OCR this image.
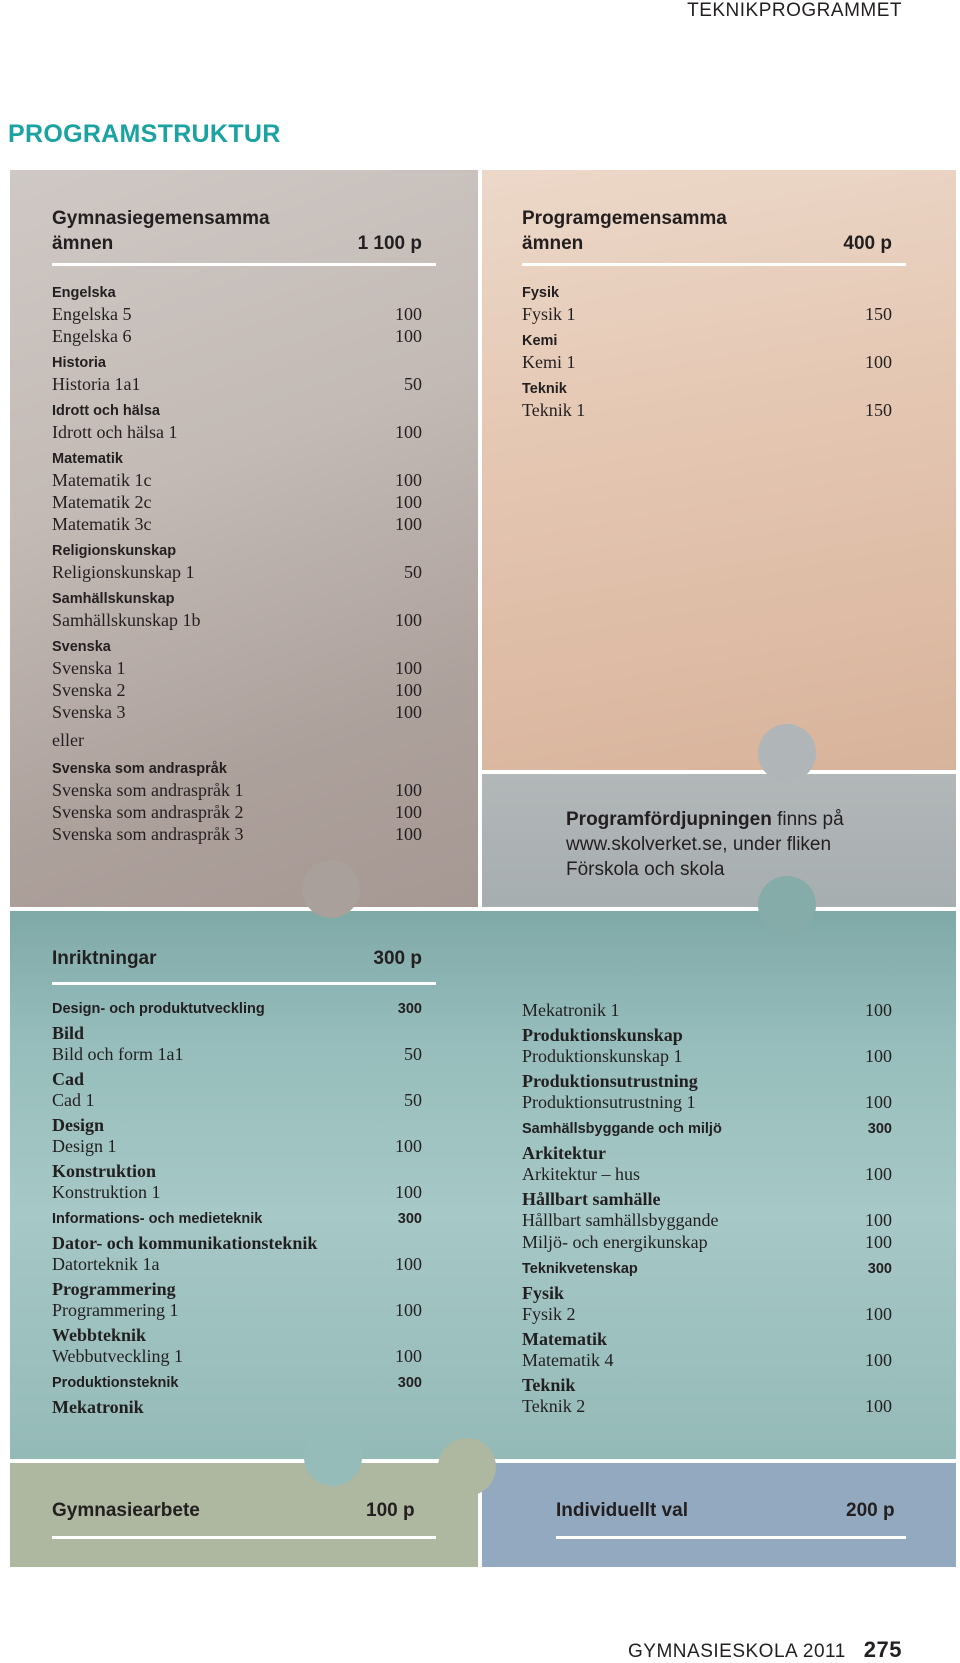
TEKNIKPROGRAMMET
PROGRAMSTRUKTUR
Gymnasiegemensamma
ämnen	1 100 p
Engelska
Engelska 5	100
Engelska 6	100
Historia
Historia 1a1	50
Idrott och hälsa
Idrott och hälsa 1	100
Matematik
Matematik 1c	100
Matematik 2c	100
Matematik 3c	100
Religionskunskap
Religionskunskap 1	50
Samhällskunskap
Samhällskunskap 1b	100
Svenska
Svenska 1	100
Svenska 2	100
Svenska 3	100
eller
Svenska som andraspråk
Svenska som andraspråk 1	100
Svenska som andraspråk 2	100
Svenska som andraspråk 3	100
Programgemensamma
ämnen	400 p
Fysik
Fysik 1	150
Kemi
Kemi 1	100
Teknik
Teknik 1	150
Programfördjupningen finns på
www.skolverket.se, under fliken
Förskola och skola
Inriktningar	300 p
Design- och produktutveckling	300
Bild
Bild och form 1a1	50
Cad
Cad 1	50
Design
Design 1	100
Konstruktion
Konstruktion 1	100
Informations- och medieteknik	300
Dator- och kommunikationsteknik
Datorteknik 1a	100
Programmering
Programmering 1	100
Webbteknik
Webbutveckling 1	100
Produktionsteknik	300
Mekatronik
Mekatronik 1	100
Produktionskunskap
Produktionskunskap 1	100
Produktionsutrustning
Produktionsutrustning 1	100
Samhällsbyggande och miljö	300
Arkitektur
Arkitektur – hus	100
Hållbart samhälle
Hållbart samhällsbyggande	100
Miljö- och energikunskap	100
Teknikvetenskap	300
Fysik
Fysik 2	100
Matematik
Matematik 4	100
Teknik
Teknik 2	100
Gymnasiearbete	100 p	Individuellt val	200 p
GYMNASIESKOLA 2011 275
